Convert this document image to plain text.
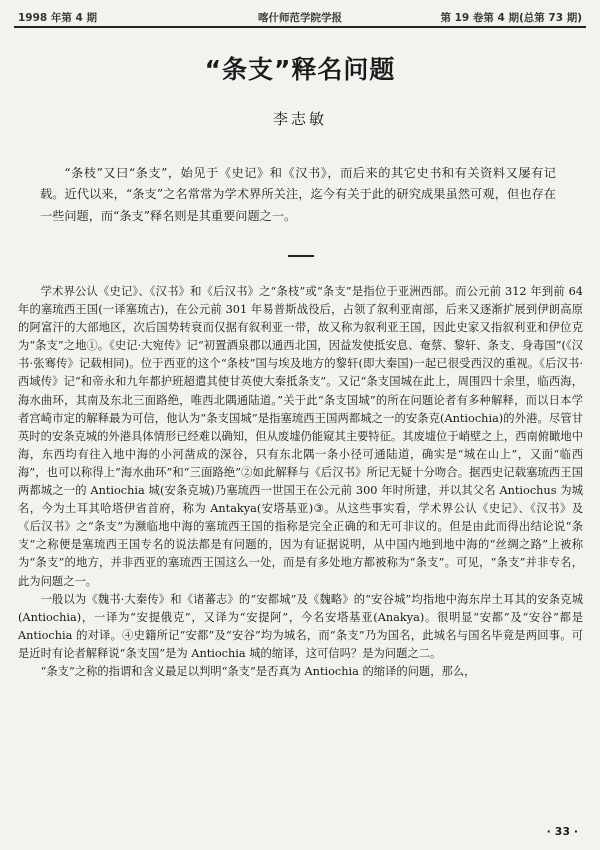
1998 年第 4 期	喀什师范学院学报	第 19 卷第 4 期(总第 73 期)
“条支”释名问题
李志敏
“条枝”又曰“条支”，始见于《史记》和《汉书》，而后来的其它史书和有关资料又屡有记载。近代以来，“条支”之名常常为学术界所关注，迄今有关于此的研究成果虽然可观，但也存在一些问题，而“条支”释名则是其重要问题之一。

学术界公认《史记》、《汉书》和《后汉书》之“条枝”或“条支”是指位于亚洲西部。而公元前 312 年到前 64 年的塞琉西王国(一译塞琉古)，在公元前 301 年易普斯战役后，占领了叙利亚南部，后来又逐渐扩展到伊朗高原的阿富汗的大部地区，次后国势转衰而仅据有叙利亚一带，故又称为叙利亚王国，因此史家又指叙利亚和伊位克为“条支”之地①。《史记·大宛传》记“初置酒泉郡以通西北国，因益发使抵安息、奄蔡、黎轩、条支、身毒国”(《汉书·张骞传》记载相同)。位于西亚的这个“条枝”国与埃及地方的黎轩(即大秦国)一起已很受西汉的重视。《后汉书·西域传》记“和帝永和九年都护班超遣其使甘英使大秦抵条支”。又记“条支国城在此上，周围四十余里，临西海，海水曲环，其南及东北三面路绝，唯西北隅通陆道。”关于此“条支国城”的所在问题论者有多种解释，而以日本学者宫崎市定的解释最为可信，他认为“条支国城”是指塞琉西王国两都城之一的安条克(Antiochia)的外港。尽管甘英时的安条克城的外港具体情形已经难以确知，但从废墟仍能窥其主要特征。其废墟位于峭壁之上，西南俯瞰地中海，东西均有往入地中海的小河凿成的深谷，只有东北隅一条小径可通陆道，确实是“城在山上”，又面“临西海”，也可以称得上“海水曲环”和“三面路绝”②如此解释与《后汉书》所记无疑十分吻合。据西史记载塞琉西王国两都城之一的 Antiochia 城(安条克城)乃塞琉西一世国王在公元前 300 年时所建，并以其父名 Antiochus 为城名，今为土耳其哈塔伊省首府，称为 Antakya(安塔基亚)③。从这些事实看，学术界公认《史记》、《汉书》及《后汉书》之“条支”为濒临地中海的塞琉西王国的指称是完全正确的和无可非议的。但是由此而得出结论说“条支”之称便是塞琉西王国专名的说法都是有问题的，因为有证据说明，从中国内地到地中海的“丝绸之路”上被称为“条支”的地方，并非西亚的塞琉西王国这么一处，而是有多处地方都被称为“条支”。可见，“条支”并非专名，此为问题之一。

一般以为《魏书·大秦传》和《诸蕃志》的“安都城”及《魏略》的“安谷城”均指地中海东岸土耳其的安条克城(Antiochia)，一译为“安提俄克”，又译为“安提阿”，今名安塔基亚(Anakya)。很明显“安都”及“安谷”都是 Antiochia 的对译。④史籍所记“安都”及“安谷”均为城名，而“条支”乃为国名，此城名与国名毕竟是两回事。可是近时有论者解释说“条支国”是为 Antiochia 城的缩译，这可信吗？是为问题之二。

“条支”之称的指谓和含义最足以判明“条支”是否真为 Antiochia 的缩译的问题，那么，

· 33 ·
